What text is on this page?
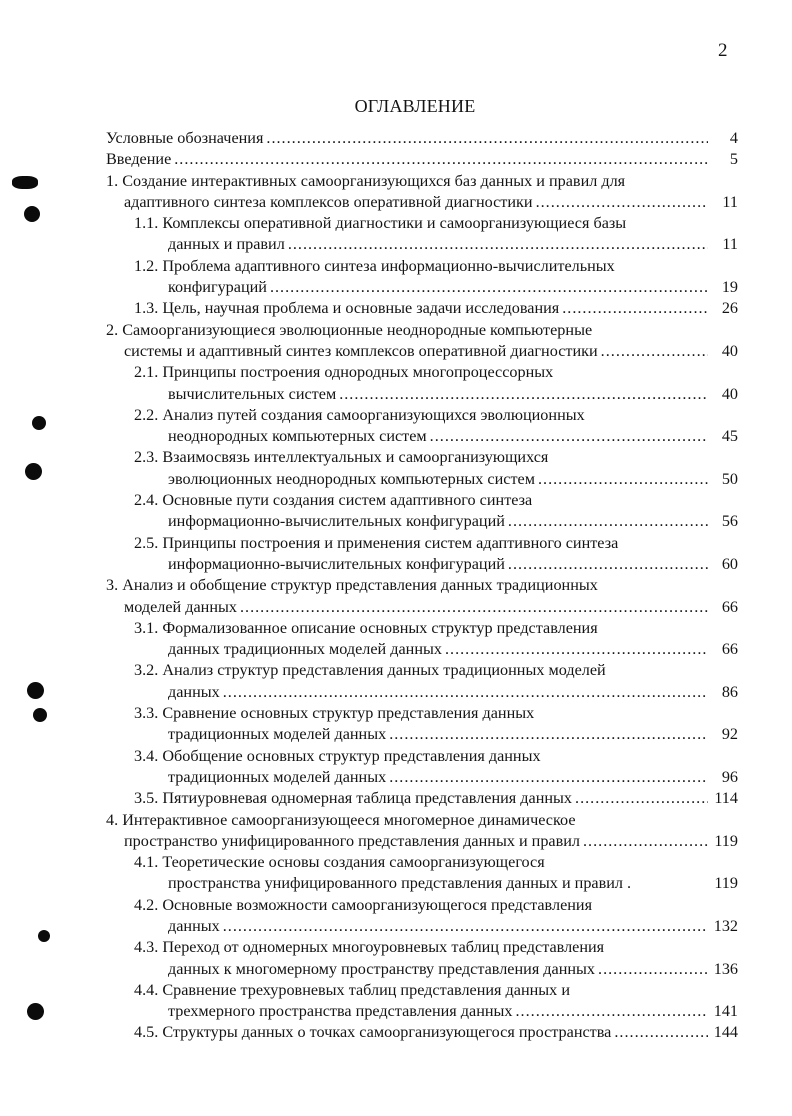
2
ОГЛАВЛЕНИЕ
Условные обозначения .....	4
Введение .....	5
1. Создание интерактивных самоорганизующихся баз данных и правил для
адаптивного синтеза комплексов оперативной диагностики .....	11
1.1. Комплексы оперативной диагностики и самоорганизующиеся базы
данных и правил .....	11
1.2. Проблема адаптивного синтеза информационно-вычислительных
конфигураций .....	19
1.3. Цель, научная проблема и основные задачи исследования .....	26
2. Самоорганизующиеся эволюционные неоднородные компьютерные
системы и адаптивный синтез комплексов оперативной диагностики .....	40
2.1. Принципы построения однородных многопроцессорных
вычислительных систем .....	40
2.2. Анализ путей создания самоорганизующихся эволюционных
неоднородных компьютерных систем .....	45
2.3. Взаимосвязь интеллектуальных и самоорганизующихся
эволюционных неоднородных компьютерных систем .....	50
2.4. Основные пути создания систем адаптивного синтеза
информационно-вычислительных конфигураций .....	56
2.5. Принципы построения и применения систем адаптивного синтеза
информационно-вычислительных конфигураций .....	60
3. Анализ и обобщение структур представления данных традиционных
моделей данных .....	66
3.1. Формализованное описание основных структур представления
данных традиционных моделей данных .....	66
3.2. Анализ структур представления данных традиционных моделей
данных .....	86
3.3. Сравнение основных структур представления данных
традиционных моделей данных .....	92
3.4. Обобщение основных структур представления данных
традиционных моделей данных .....	96
3.5. Пятиуровневая одномерная таблица представления данных .....	114
4. Интерактивное самоорганизующееся многомерное динамическое
пространство унифицированного представления данных и правил .....	119
4.1. Теоретические основы создания самоорганизующегося
пространства унифицированного представления данных и правил .	119
4.2. Основные возможности самоорганизующегося представления
данных .....	132
4.3. Переход от одномерных многоуровневых таблиц представления
данных к многомерному пространству представления данных .....	136
4.4. Сравнение трехуровневых таблиц представления данных и
трехмерного пространства представления данных .....	141
4.5. Структуры данных о точках самоорганизующегося пространства .....	144
